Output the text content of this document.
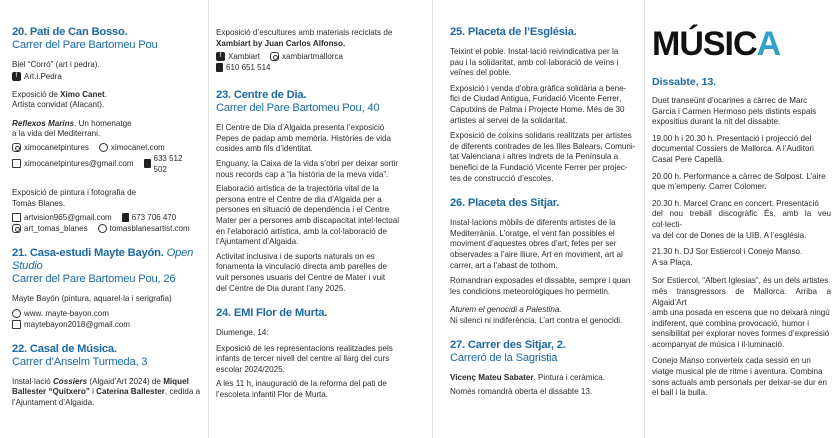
20. Pati de Can Bosso.
Carrer del Pare Bartomeu Pou

Biel “Corró” (art i pedra).

f Art.i.Pedra

Exposició de Ximo Canet.

Artista convidat (Alacant).

Reflexos Marins. Un homenatge

a la vida del Mediterrani.

ximocanetpintures	ximocanet.com
ximocanetpintures@gmail.com
633 512 502

Exposició de pintura i fotografia de

Tomàs Blanes.

artvision965@gmail.com	673 706 470
art_tomas_blanes	tomasblanesartist.com
21. Casa-estudi Mayte Bayón. Open Studio
Carrer del Pare Bartomeu Pou, 26

Mayte Bayón (pintura, aquarel·la i serigrafia)

www. mayte-bayon.com
maytebayon2018@gmail.com
22. Casal de Música.
Carrer d’Anselm Turmeda, 3

Instal·lació Cossiers (Algaid’Art 2024) de Miquel
Ballester “Quitxero” i Caterina Ballester, cedida a
l’Ajuntament d’Algaida.

Exposició d’escultures amb materials reciclats de

Xambiart by Juan Carlos Alfonso.

f Xambiart	xambiartmallorca
610 651 514
23. Centre de Dia.
Carrer del Pare Bartomeu Pou, 40

El Centre de Dia d’Algaida presenta l’exposició
Pepes de padap amb memòria. Històries de vida
cosides amb fils d’identitat.

Enguany, la Caixa de la vida s’obri per deixar sortir
nous records cap a “la història de la meva vida”.

Elaboració artística de la trajectòria vital de la
persona entre el Centre de dia d’Algaida per a
persones en situació de dependència i el Centre
Mater per a persones amb discapacitat intel·lectual
en l’elaboració artística, amb la col·laboració de
l’Ajuntament d’Algaida.

Activitat inclusiva i de suports naturals on es
fonamenta la vinculació directa amb parelles de
vuit persones usuaris del Centre de Mater i vuit
del Centre de Dia durant l’any 2025.

24. EMI Flor de Murta.

Diumenge, 14:

Exposició de les representacions realitzades pels
infants de tercer nivell del centre al llarg del curs
escolar 2024/2025.

A les 11 h, inauguració de la reforma del pati de
l’escoleta infantil Flor de Murta.

25. Placeta de l’Església.

Teixint el poble. Instal·lació reivindicativa per la
pau i la solidaritat, amb col·laboració de veïns i
veïnes del poble.

Exposició i venda d’obra gràfica solidària a bene-
fici de Ciudad Antigua, Fundació Vicente Ferrer,
Caputxins de Palma i Projecte Home. Més de 30
artistes al servei de la solidaritat.

Exposició de coixins solidaris realitzats per artistes
de diferents contrades de les Illes Balears, Comuni-
tat Valenciana i altres indrets de la Península a
benefici de la Fundació Vicente Ferrer per projec-
tes de construcció d’escoles.

26. Placeta des Sitjar.

Instal·lacions mòbils de diferents artistes de la
Mediterrània. L’oratge, el vent fan possibles el
moviment d’aquestes obres d’art, fetes per ser
observades a l’aire lliure. Art en moviment, art al
carrer, art a l’abast de tothom.

Romandran exposades el dissabte, sempre i quan
les condicions meteorològiques ho permetin.

Aturem el genocidi a Palestina.
Ni silenci ni indiferència. L’art contra el genocidi.

27. Carrer des Sitjar, 2.
Carreró de la Sagristia

Vicenç Mateu Sabater. Pintura i ceràmica.

Només romandrà oberta el dissabte 13.

MÚSICA
Dissabte, 13.

Duet transeünt d’ocarines a càrrec de Marc
Garcia i Carmen Hermoso pels distints espais
expositius durant la nit del dissabte.

19.00 h i 20.30 h. Presentació i projecció del
documental Cossiers de Mallorca. A l’Auditori
Casal Pere Capellà.

20.00 h. Performance a càrrec de Solpost. L’aire
que m’empeny. Carrer Colomer.

20.30 h. Marcel Cranc en concert. Presentació
del nou treball discogràfic És, amb la veu col·lecti-
va del cor de Dones de la UIB. A l’església.

21.30 h. DJ Sor Estiercol i Conejo Manso.
A sa Plaça.

Sor Estiercol, “Albert Iglesias”, és un dels artistes
més transgressors de Mallorca. Arriba a Algaid’Art
amb una posada en escena que no deixarà ningú
indiferent, que combina provocació, humor i
sensibilitat per explorar noves formes d’expressió
acompanyat de música i il·luminació.

Conejo Manso converteix cada sessió en un
viatge musical ple de ritme i aventura. Combina
sons actuals amb personals per deixar-se dur en
el ball i la bulla.
